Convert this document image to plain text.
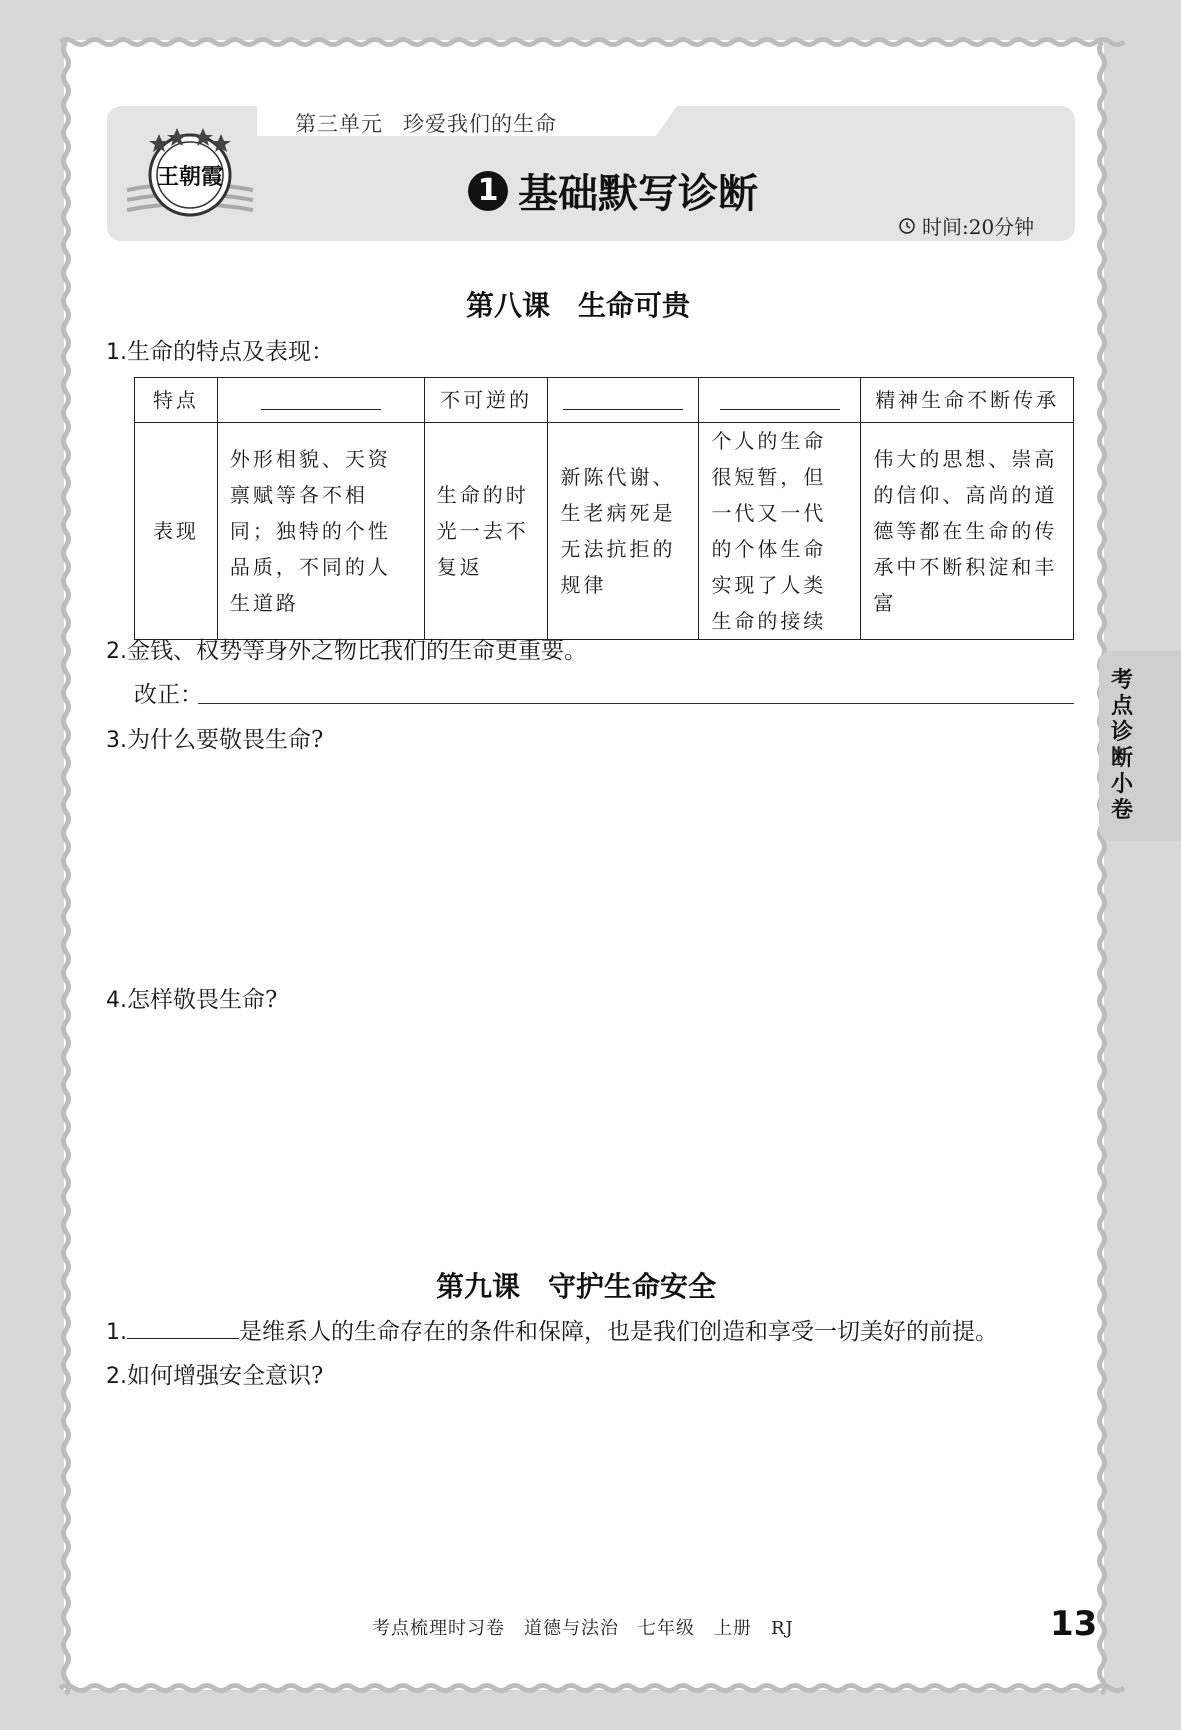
王朝霞
第三单元 珍爱我们的生命
1 基础默写诊断
时间:20分钟
考点诊断小卷
第八课　生命可贵
1.生命的特点及表现：
特点		不可逆的			精神生命不断传承
表现	外形相貌、天资禀赋等各不相同；独特的个性品质，不同的人生道路	生命的时光一去不复返	新陈代谢、生老病死是无法抗拒的规律	个人的生命很短暂，但一代又一代的个体生命实现了人类生命的接续	伟大的思想、崇高的信仰、高尚的道德等都在生命的传承中不断积淀和丰富
2.金钱、权势等身外之物比我们的生命更重要。
改正：
3.为什么要敬畏生命?
4.怎样敬畏生命?
第九课　守护生命安全
1.	是维系人的生命存在的条件和保障，也是我们创造和享受一切美好的前提。
2.如何增强安全意识?
考点梳理时习卷　道德与法治　七年级　上册　RJ	13
